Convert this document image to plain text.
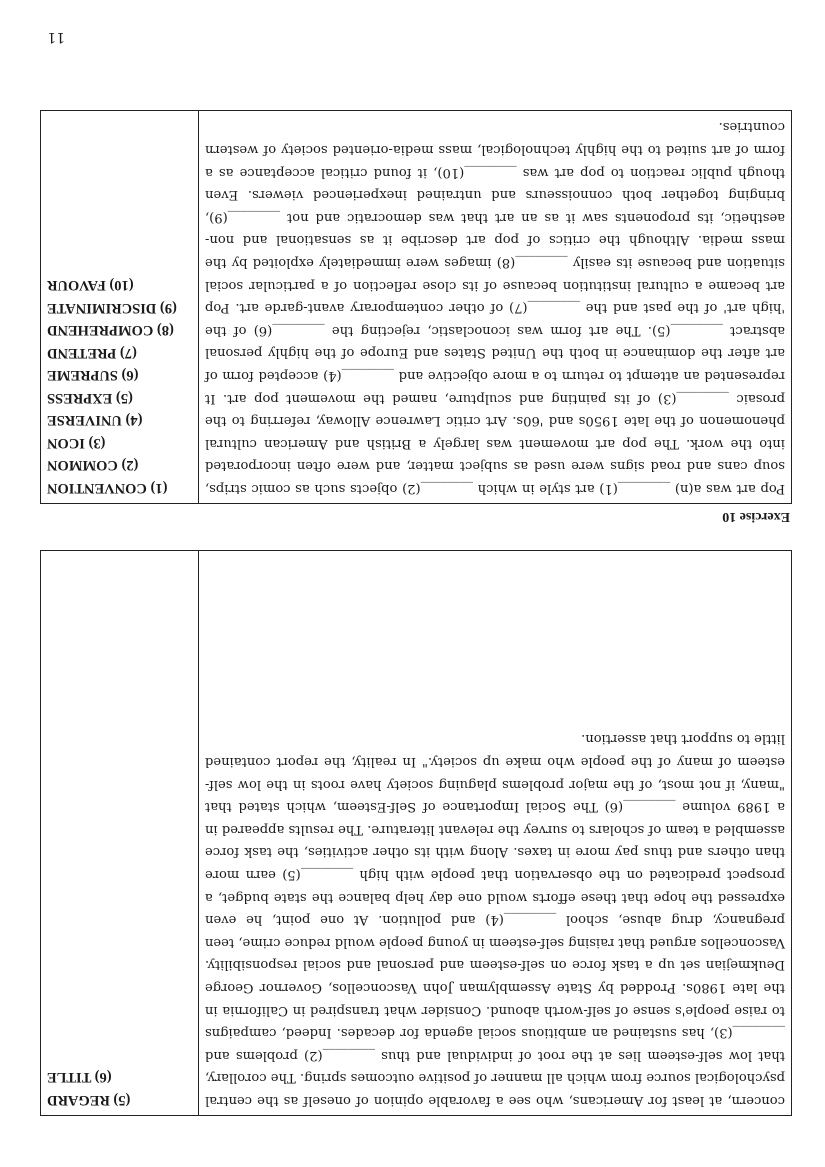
concern, at least for Americans, who see a favorable opinion of oneself as the central psychological source from which all manner of positive outcomes spring. The corollary, that low self-esteem lies at the root of individual and thus ________(2) problems and ________(3), has sustained an ambitious social agenda for decades. Indeed, campaigns to raise people's sense of self-worth abound. Consider what transpired in California in the late 1980s. Prodded by State Assemblyman John Vasconcellos, Governor George Deukmejian set up a task force on self-esteem and personal and social responsibility. Vasconcellos argued that raising self-esteem in young people would reduce crime, teen pregnancy, drug abuse, school ________(4) and pollution. At one point, he even expressed the hope that these efforts would one day help balance the state budget, a prospect predicated on the observation that people with high ________(5) earn more than others and thus pay more in taxes. Along with its other activities, the task force assembled a team of scholars to survey the relevant literature. The results appeared in a 1989 volume ________(6) The Social Importance of Self-Esteem, which stated that "many, if not most, of the major problems plaguing society have roots in the low self-esteem of many of the people who make up society." In reality, the report contained little to support that assertion.	
(5) REGARD
(6) TITLE
Exercise 10
Pop art was a(n) ________(1) art style in which ________(2) objects such as comic strips, soup cans and road signs were used as subject matter, and were often incorporated into the work. The pop art movement was largely a British and American cultural phenomenon of the late 1950s and '60s. Art critic Lawrence Alloway, referring to the prosaic ________(3) of its painting and sculpture, named the movement pop art. It represented an attempt to return to a more objective and ________(4) accepted form of art after the dominance in both the United States and Europe of the highly personal abstract ________(5). The art form was iconoclastic, rejecting the ________(6) of the 'high art' of the past and the ________(7) of other contemporary avant-garde art. Pop art became a cultural institution because of its close reflection of a particular social situation and because its easily ________(8) images were immediately exploited by the mass media. Although the critics of pop art describe it as sensational and non-aesthetic, its proponents saw it as an art that was democratic and not ________(9), bringing together both connoisseurs and untrained inexperienced viewers. Even though public reaction to pop art was ________(10), it found critical acceptance as a form of art suited to the highly technological, mass media-oriented society of western countries.	
(1) CONVENTION
(2) COMMON
(3) ICON
(4) UNIVERSE
(5) EXPRESS
(6) SUPREME
(7) PRETEND
(8) COMPREHEND
(9) DISCRIMINATE
(10) FAVOUR
11
